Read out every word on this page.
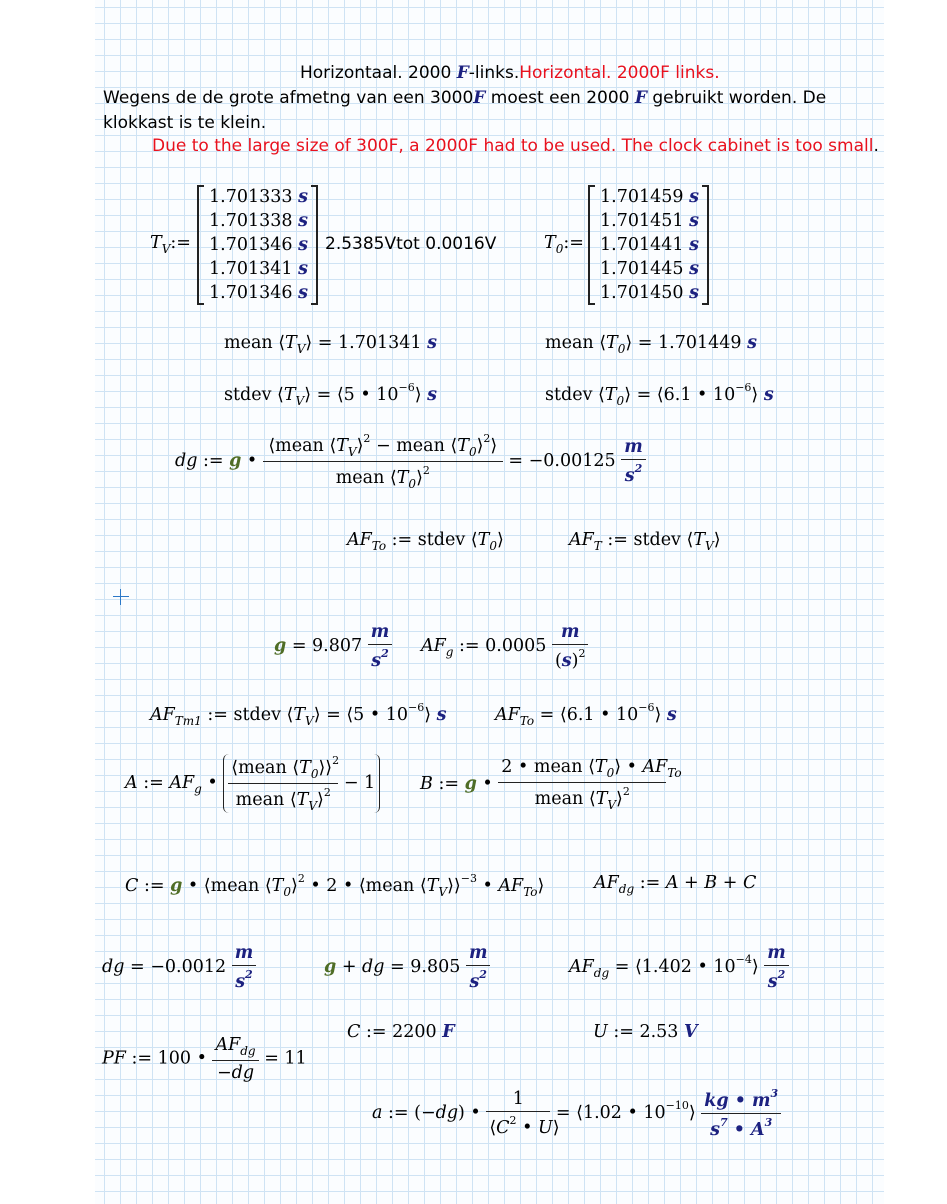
Horizontaal. 2000 F-links.Horizontal. 2000F links.
Wegens de de grote afmetng van een 3000F moest een 2000 F gebruikt worden. De
klokkast is te klein.
Due to the large size of 300F, a 2000F had to be used. The clock cabinet is too small.
$T_V:=$
1.701333 s
1.701338 s
1.701346 s
1.701341 s
1.701346 s
2.5385Vtot 0.0016V	$T_0:=$
1.701459 s
1.701451 s
1.701441 s
1.701445 s
1.701450 s
mean $⟨T_V⟩ = 1.701341$ s	mean $⟨T_0⟩ = 1.701449$ s
stdev $⟨T_V⟩$ = ⟨5 • $10^{-6}⟩$ s	stdev $⟨T_0⟩$ = ⟨6.1 • $10^{-6}⟩$ s
dg := g • $\frac{⟨mean ⟨T_V⟩^2 - mean ⟨T_0⟩^2⟩}{mean ⟨T_0⟩^2} = -0.00125 \frac{m}{s^2}$
$AF_{To}$ := stdev $⟨T_0⟩$	$AF_T$ := stdev $⟨T_V⟩$
$g = 9.807 \frac{m}{s^2} AF_g$ := $0.0005 \frac{m}{(s)^2}$
$AF_{Tm1}$ := stdev $⟨T_V⟩$ = ⟨5 • $10^{-6}⟩$ s	$AF_{To}$ = ⟨6.1 • $10^{-6}⟩$ s
A := $AF_g$ • $\frac{⟨mean ⟨T_0⟩⟩^2}{mean ⟨T_V⟩^2} - 1$	B := g • $\frac{2 • mean ⟨T_0⟩ • AF_{To}}{mean ⟨T_V⟩^2}$
C := g • ⟨mean $⟨T_0⟩^2$ • 2 • ⟨mean $⟨T_V⟩⟩^{-3}$ • $AF_{To}⟩$	$AF_{dg}$ := A + B + C
dg = $-0.0012 \frac{m}{s^2}$	g + dg = $9.805 \frac{m}{s^2}$	$AF_{dg}$ = ⟨1.402 • $10^{-4}⟩ \frac{m}{s^2}$
C := 2200 F	U := 2.53 V
PF := 100 • $\frac{AF_{dg}}{-dg} = 11$
a := (−dg) • $\frac{1}{⟨C^2 • U⟩}$ = ⟨1.02 • $10^{-10}⟩ \frac{kg • m^3}{s^7 • A^3}$
